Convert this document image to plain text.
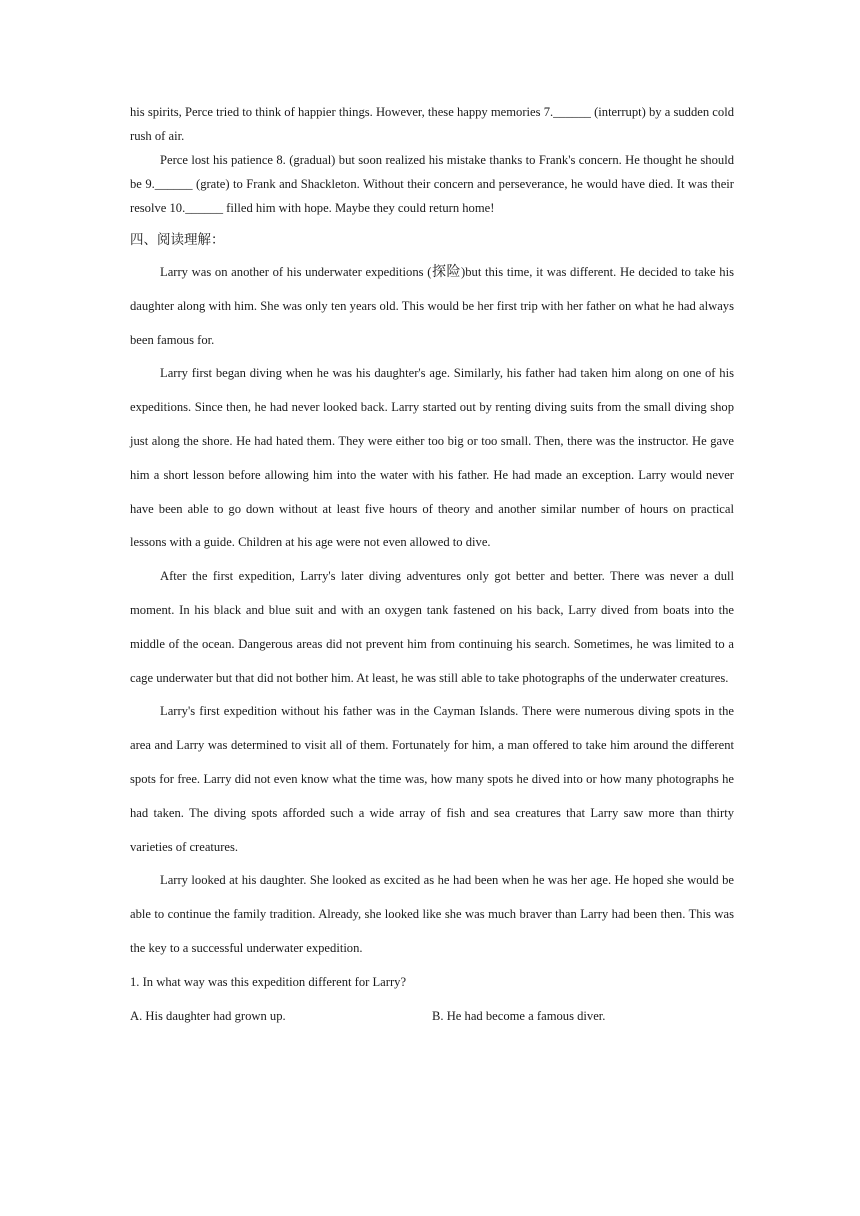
his spirits, Perce tried to think of happier things. However, these happy memories 7.______ (interrupt) by a sudden cold rush of air.

Perce lost his patience 8. (gradual) but soon realized his mistake thanks to Frank's concern. He thought he should be 9.______ (grate) to Frank and Shackleton. Without their concern and perseverance, he would have died. It was their resolve 10.______ filled him with hope. Maybe they could return home!

四、阅读理解：

Larry was on another of his underwater expeditions (探险)but this time, it was different. He decided to take his daughter along with him. She was only ten years old. This would be her first trip with her father on what he had always been famous for.

Larry first began diving when he was his daughter's age. Similarly, his father had taken him along on one of his expeditions. Since then, he had never looked back. Larry started out by renting diving suits from the small diving shop just along the shore. He had hated them. They were either too big or too small. Then, there was the instructor. He gave him a short lesson before allowing him into the water with his father. He had made an exception. Larry would never have been able to go down without at least five hours of theory and another similar number of hours on practical lessons with a guide. Children at his age were not even allowed to dive.

After the first expedition, Larry's later diving adventures only got better and better. There was never a dull moment. In his black and blue suit and with an oxygen tank fastened on his back, Larry dived from boats into the middle of the ocean. Dangerous areas did not prevent him from continuing his search. Sometimes, he was limited to a cage underwater but that did not bother him. At least, he was still able to take photographs of the underwater creatures.

Larry's first expedition without his father was in the Cayman Islands. There were numerous diving spots in the area and Larry was determined to visit all of them. Fortunately for him, a man offered to take him around the different spots for free. Larry did not even know what the time was, how many spots he dived into or how many photographs he had taken. The diving spots afforded such a wide array of fish and sea creatures that Larry saw more than thirty varieties of creatures.

Larry looked at his daughter. She looked as excited as he had been when he was her age. He hoped she would be able to continue the family tradition. Already, she looked like she was much braver than Larry had been then. This was the key to a successful underwater expedition.

1. In what way was this expedition different for Larry?
A. His daughter had grown up.	B. He had become a famous diver.
